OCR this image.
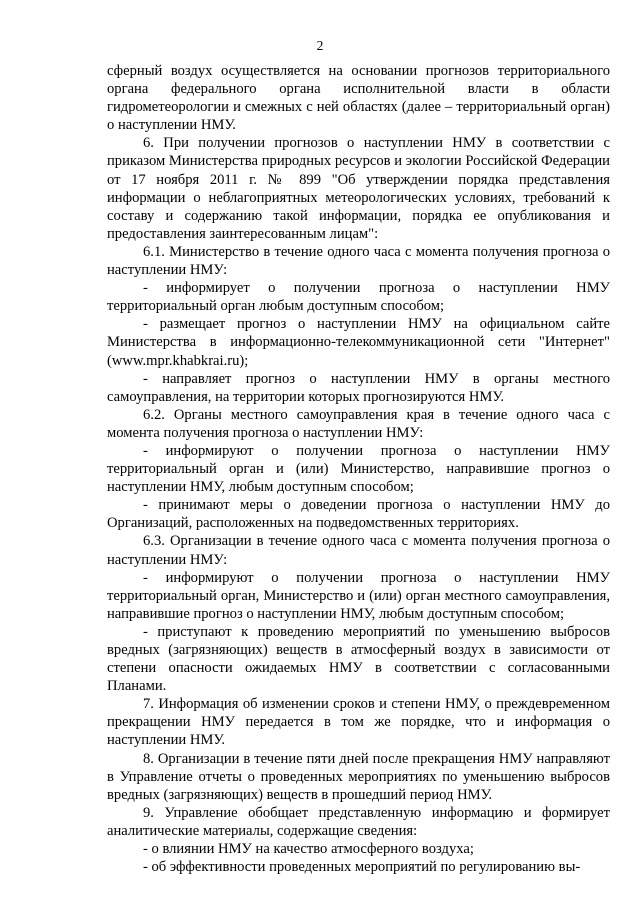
2

сферный воздух осуществляется на основании прогнозов территориального органа федерального органа исполнительной власти в области гидрометеорологии и смежных с ней областях (далее – территориальный орган) о наступлении НМУ.

6. При получении прогнозов о наступлении НМУ в соответствии с приказом Министерства природных ресурсов и экологии Российской Федерации от 17 ноября 2011 г. № 899 "Об утверждении порядка представления информации о неблагоприятных метеорологических условиях, требований к составу и содержанию такой информации, порядка ее опубликования и предоставления заинтересованным лицам":

6.1. Министерство в течение одного часа с момента получения прогноза о наступлении НМУ:

- информирует о получении прогноза о наступлении НМУ территориальный орган любым доступным способом;

- размещает прогноз о наступлении НМУ на официальном сайте Министерства в информационно-телекоммуникационной сети "Интернет" (www.mpr.khabkrai.ru);

- направляет прогноз о наступлении НМУ в органы местного самоуправления, на территории которых прогнозируются НМУ.

6.2. Органы местного самоуправления края в течение одного часа с момента получения прогноза о наступлении НМУ:

- информируют о получении прогноза о наступлении НМУ территориальный орган и (или) Министерство, направившие прогноз о наступлении НМУ, любым доступным способом;

- принимают меры о доведении прогноза о наступлении НМУ до Организаций, расположенных на подведомственных территориях.

6.3. Организации в течение одного часа с момента получения прогноза о наступлении НМУ:

- информируют о получении прогноза о наступлении НМУ территориальный орган, Министерство и (или) орган местного самоуправления, направившие прогноз о наступлении НМУ, любым доступным способом;

- приступают к проведению мероприятий по уменьшению выбросов вредных (загрязняющих) веществ в атмосферный воздух в зависимости от степени опасности ожидаемых НМУ в соответствии с согласованными Планами.

7. Информация об изменении сроков и степени НМУ, о преждевременном прекращении НМУ передается в том же порядке, что и информация о наступлении НМУ.

8. Организации в течение пяти дней после прекращения НМУ направляют в Управление отчеты о проведенных мероприятиях по уменьшению выбросов вредных (загрязняющих) веществ в прошедший период НМУ.

9. Управление обобщает представленную информацию и формирует аналитические материалы, содержащие сведения:

- о влиянии НМУ на качество атмосферного воздуха;

- об эффективности проведенных мероприятий по регулированию вы-
